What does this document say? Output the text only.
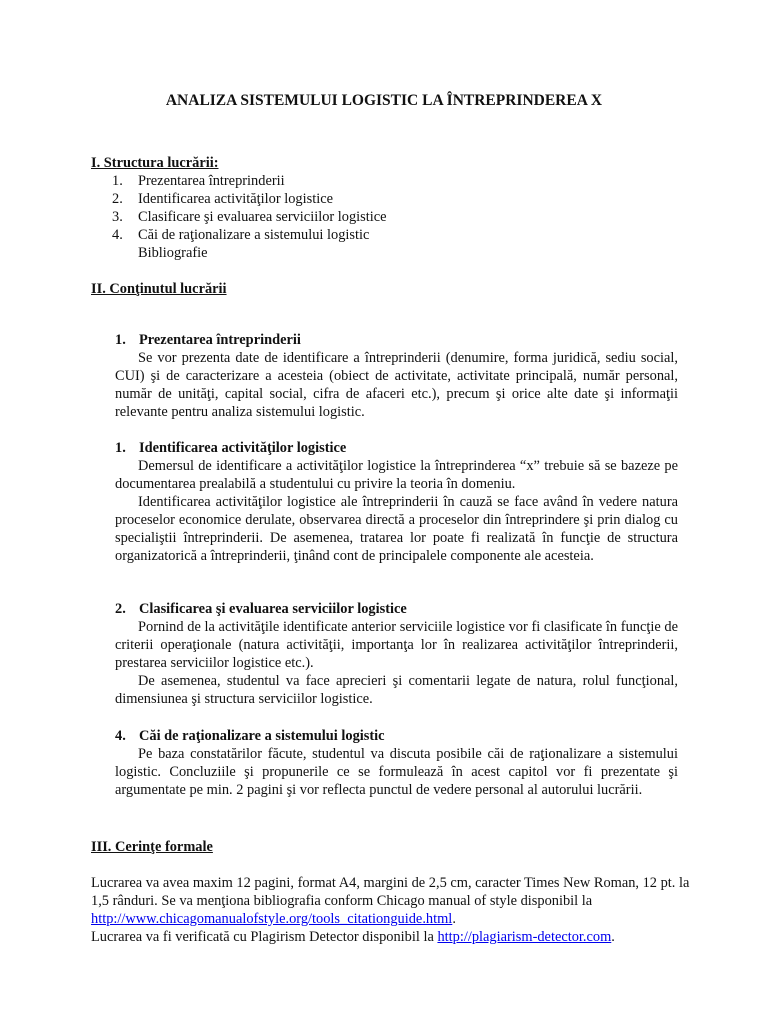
ANALIZA SISTEMULUI LOGISTIC LA ÎNTREPRINDEREA X
I. Structura lucrării:
1. Prezentarea întreprinderii
2. Identificarea activităţilor logistice
3. Clasificare şi evaluarea serviciilor logistice
4. Căi de raţionalizare a sistemului logistic
Bibliografie
II. Conţinutul lucrării
1. Prezentarea întreprinderii

Se vor prezenta date de identificare a întreprinderii (denumire, forma juridică, sediu social, CUI) şi de caracterizare a acesteia (obiect de activitate, activitate principală, număr personal, număr de unităţi, capital social, cifra de afaceri etc.), precum şi orice alte date şi informaţii relevante pentru analiza sistemului logistic.

1. Identificarea activităţilor logistice

Demersul de identificare a activităţilor logistice la întreprinderea “x” trebuie să se bazeze pe documentarea prealabilă a studentului cu privire la teoria în domeniu.

Identificarea activităţilor logistice ale întreprinderii în cauză se face având în vedere natura proceselor economice derulate, observarea directă a proceselor din întreprindere şi prin dialog cu specialiştii întreprinderii. De asemenea, tratarea lor poate fi realizată în funcţie de structura organizatorică a întreprinderii, ţinând cont de principalele componente ale acesteia.

2. Clasificarea şi evaluarea serviciilor logistice

Pornind de la activităţile identificate anterior serviciile logistice vor fi clasificate în funcţie de criterii operaţionale (natura activităţii, importanţa lor în realizarea activităţilor întreprinderii, prestarea serviciilor logistice etc.).

De asemenea, studentul va face aprecieri şi comentarii legate de natura, rolul funcţional, dimensiunea şi structura serviciilor logistice.

4. Căi de raţionalizare a sistemului logistic

Pe baza constatărilor făcute, studentul va discuta posibile căi de raţionalizare a sistemului logistic. Concluziile şi propunerile ce se formulează în acest capitol vor fi prezentate şi argumentate pe min. 2 pagini şi vor reflecta punctul de vedere personal al autorului lucrării.

III. Cerinţe formale

Lucrarea va avea maxim 12 pagini, format A4, margini de 2,5 cm, caracter Times New Roman, 12 pt. la 1,5 rânduri. Se va menţiona bibliografia conform Chicago manual of style disponibil la http://www.chicagomanualofstyle.org/tools_citationguide.html.
Lucrarea va fi verificată cu Plagirism Detector disponibil la http://plagiarism-detector.com.
